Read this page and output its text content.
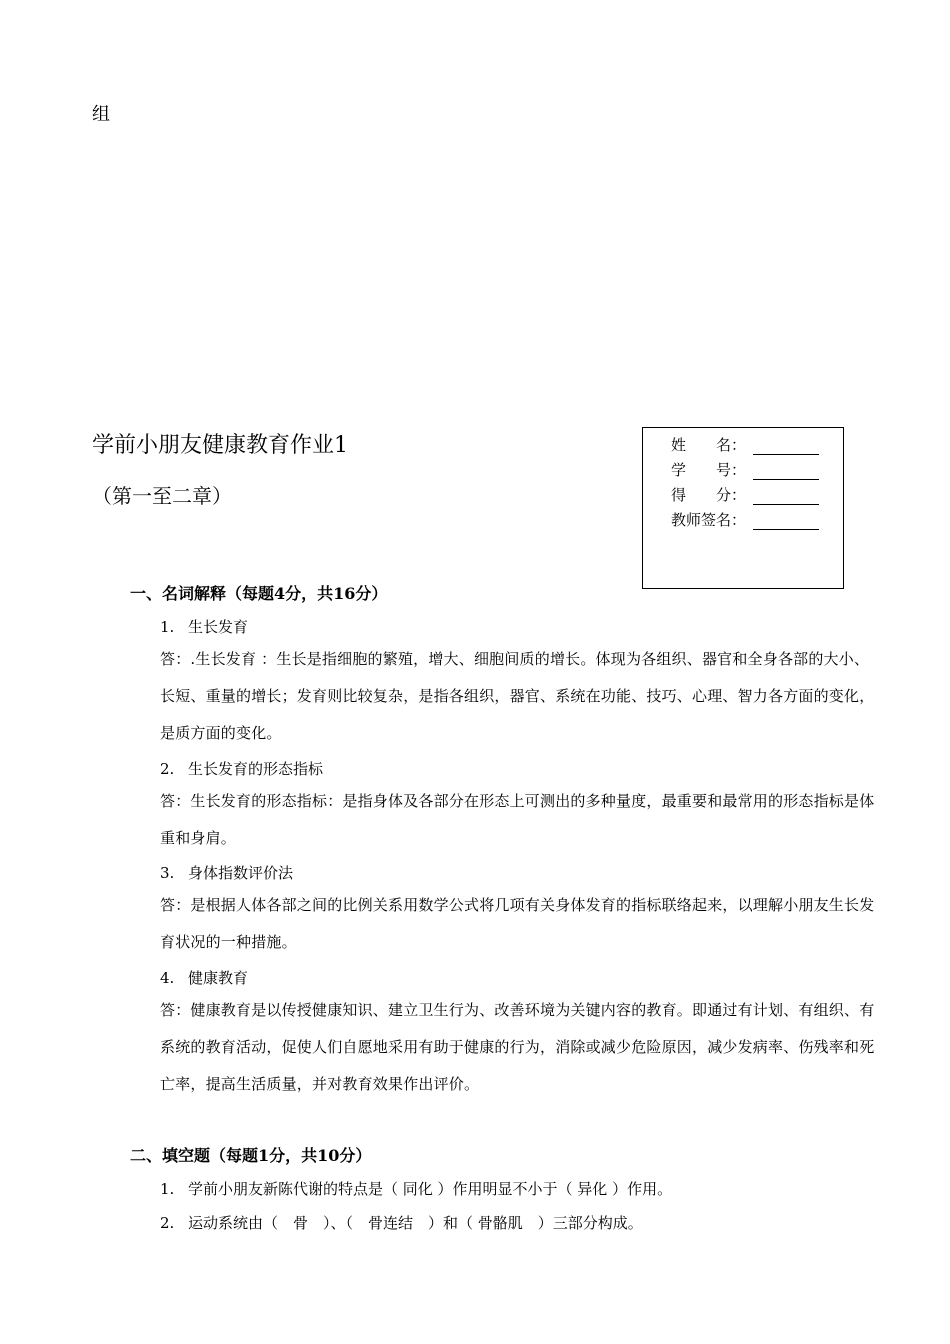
组
学前小朋友健康教育作业1
（第一至二章）
姓　　名：
学　　号：
得　　分：
教师签名：
一、名词解释（每题4分，共16分）
1. 生长发育
答：.生长发育 ：生长是指细胞的繁殖，增大、细胞间质的增长。体现为各组织、器官和全身各部的大小、长短、重量的增长；发育则比较复杂，是指各组织，器官、系统在功能、技巧、心理、智力各方面的变化，是质方面的变化。
2. 生长发育的形态指标
答：生长发育的形态指标：是指身体及各部分在形态上可测出的多种量度，最重要和最常用的形态指标是体重和身肩。
3. 身体指数评价法
答：是根据人体各部之间的比例关系用数学公式将几项有关身体发育的指标联络起来，以理解小朋友生长发育状况的一种措施。
4. 健康教育
答：健康教育是以传授健康知识、建立卫生行为、改善环境为关键内容的教育。即通过有计划、有组织、有系统的教育活动，促使人们自愿地采用有助于健康的行为，消除或减少危险原因，减少发病率、伤残率和死亡率，提高生活质量，并对教育效果作出评价。
二、填空题（每题1分，共10分）
1. 学前小朋友新陈代谢的特点是（ 同化 ）作用明显不小于（ 异化 ）作用。
2. 运动系统由（　骨　）、（　骨连结　）和（ 骨骼肌　）三部分构成。
